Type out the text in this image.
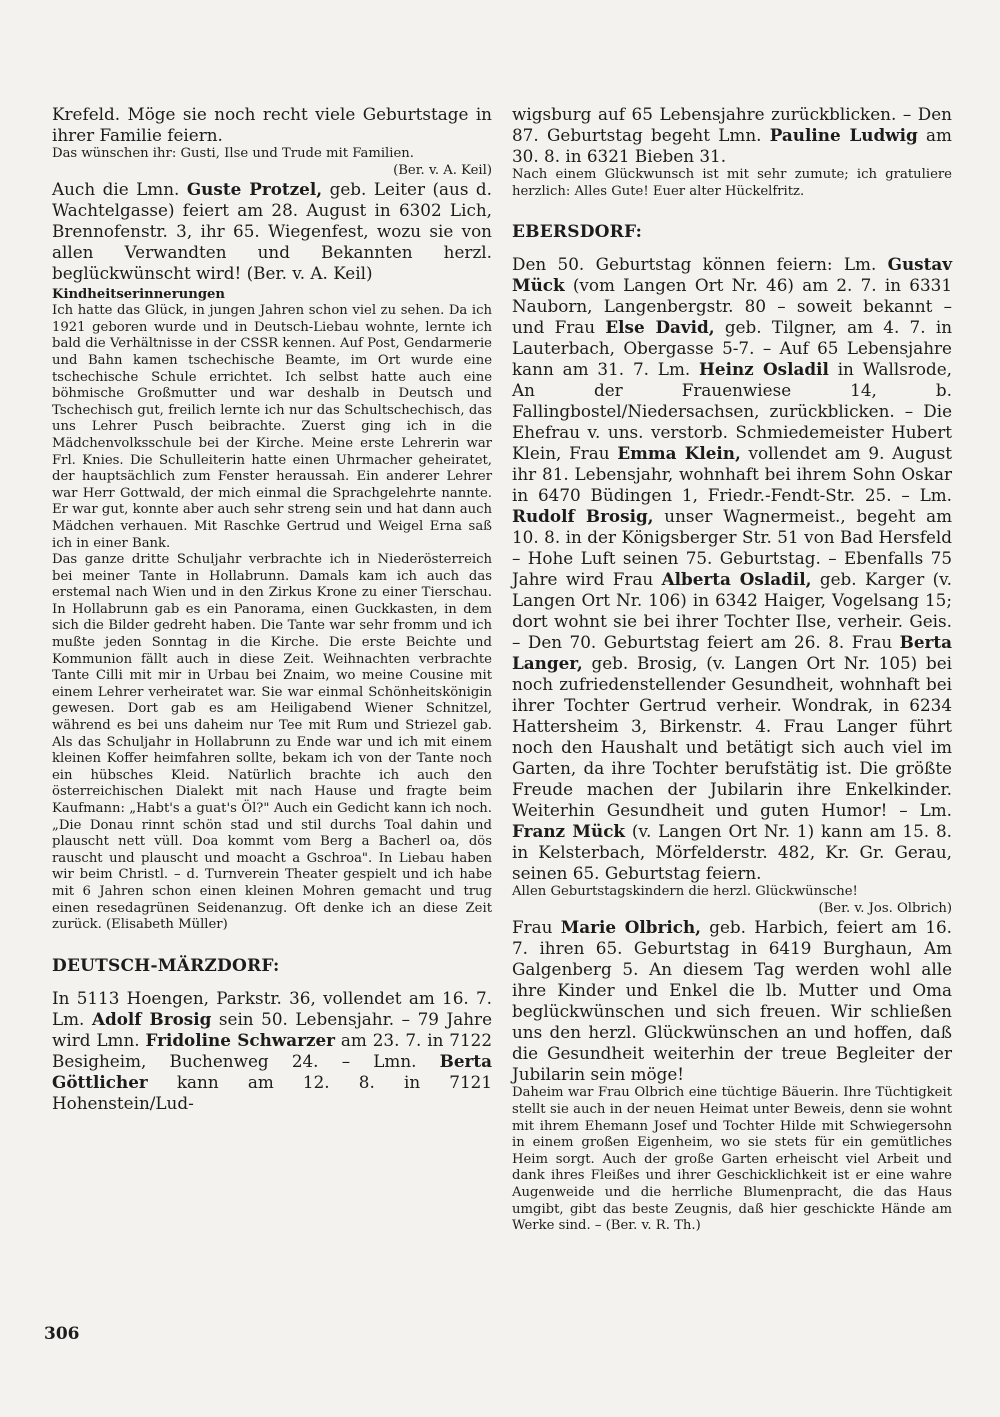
Krefeld. Möge sie noch recht viele Geburtstage in ihrer Familie feiern.

Das wünschen ihr: Gusti, Ilse und Trude mit Familien.

(Ber. v. A. Keil)

Auch die Lmn. Guste Protzel, geb. Leiter (aus d. Wachtelgasse) feiert am 28. August in 6302 Lich, Brennofenstr. 3, ihr 65. Wiegenfest, wozu sie von allen Verwandten und Bekannten herzl. beglückwünscht wird! (Ber. v. A. Keil)

Kindheitserinnerungen

Ich hatte das Glück, in jungen Jahren schon viel zu sehen. Da ich 1921 geboren wurde und in Deutsch-Liebau wohnte, lernte ich bald die Verhältnisse in der CSSR kennen. Auf Post, Gendarmerie und Bahn kamen tschechische Beamte, im Ort wurde eine tschechische Schule errichtet. Ich selbst hatte auch eine böhmische Großmutter und war deshalb in Deutsch und Tschechisch gut, freilich lernte ich nur das Schultschechisch, das uns Lehrer Pusch beibrachte. Zuerst ging ich in die Mädchenvolksschule bei der Kirche. Meine erste Lehrerin war Frl. Knies. Die Schulleiterin hatte einen Uhrmacher geheiratet, der hauptsächlich zum Fenster heraussah. Ein anderer Lehrer war Herr Gottwald, der mich einmal die Sprachgelehrte nannte. Er war gut, konnte aber auch sehr streng sein und hat dann auch Mädchen verhauen. Mit Raschke Gertrud und Weigel Erna saß ich in einer Bank.

Das ganze dritte Schuljahr verbrachte ich in Niederösterreich bei meiner Tante in Hollabrunn. Damals kam ich auch das erstemal nach Wien und in den Zirkus Krone zu einer Tierschau. In Hollabrunn gab es ein Panorama, einen Guckkasten, in dem sich die Bilder gedreht haben. Die Tante war sehr fromm und ich mußte jeden Sonntag in die Kirche. Die erste Beichte und Kommunion fällt auch in diese Zeit. Weihnachten verbrachte Tante Cilli mit mir in Urbau bei Znaim, wo meine Cousine mit einem Lehrer verheiratet war. Sie war einmal Schönheitskönigin gewesen. Dort gab es am Heiligabend Wiener Schnitzel, während es bei uns daheim nur Tee mit Rum und Striezel gab. Als das Schuljahr in Hollabrunn zu Ende war und ich mit einem kleinen Koffer heimfahren sollte, bekam ich von der Tante noch ein hübsches Kleid. Natürlich brachte ich auch den österreichischen Dialekt mit nach Hause und fragte beim Kaufmann: „Habt's a guat's Öl?" Auch ein Gedicht kann ich noch. „Die Donau rinnt schön stad und stil durchs Toal dahin und plauscht nett vüll. Doa kommt vom Berg a Bacherl oa, dös rauscht und plauscht und moacht a Gschroa". In Liebau haben wir beim Christl. – d. Turnverein Theater gespielt und ich habe mit 6 Jahren schon einen kleinen Mohren gemacht und trug einen resedagrünen Seidenanzug. Oft denke ich an diese Zeit zurück. (Elisabeth Müller)

DEUTSCH-MÄRZDORF:

In 5113 Hoengen, Parkstr. 36, vollendet am 16. 7. Lm. Adolf Brosig sein 50. Lebensjahr. – 79 Jahre wird Lmn. Fridoline Schwarzer am 23. 7. in 7122 Besigheim, Buchenweg 24. – Lmn. Berta Göttlicher kann am 12. 8. in 7121 Hohenstein/Lud-

wigsburg auf 65 Lebensjahre zurückblicken. – Den 87. Geburtstag begeht Lmn. Pauline Ludwig am 30. 8. in 6321 Bieben 31.

Nach einem Glückwunsch ist mit sehr zumute; ich gratuliere herzlich: Alles Gute! Euer alter Hückelfritz.

EBERSDORF:

Den 50. Geburtstag können feiern: Lm. Gustav Mück (vom Langen Ort Nr. 46) am 2. 7. in 6331 Nauborn, Langenbergstr. 80 – soweit bekannt – und Frau Else David, geb. Tilgner, am 4. 7. in Lauterbach, Obergasse 5-7. – Auf 65 Lebensjahre kann am 31. 7. Lm. Heinz Osladil in Wallsrode, An der Frauenwiese 14, b. Fallingbostel/Niedersachsen, zurückblicken. – Die Ehefrau v. uns. verstorb. Schmiedemeister Hubert Klein, Frau Emma Klein, vollendet am 9. August ihr 81. Lebensjahr, wohnhaft bei ihrem Sohn Oskar in 6470 Büdingen 1, Friedr.-Fendt-Str. 25. – Lm. Rudolf Brosig, unser Wagnermeist., begeht am 10. 8. in der Königsberger Str. 51 von Bad Hersfeld – Hohe Luft seinen 75. Geburtstag. – Ebenfalls 75 Jahre wird Frau Alberta Osladil, geb. Karger (v. Langen Ort Nr. 106) in 6342 Haiger, Vogelsang 15; dort wohnt sie bei ihrer Tochter Ilse, verheir. Geis. – Den 70. Geburtstag feiert am 26. 8. Frau Berta Langer, geb. Brosig, (v. Langen Ort Nr. 105) bei noch zufriedenstellender Gesundheit, wohnhaft bei ihrer Tochter Gertrud verheir. Wondrak, in 6234 Hattersheim 3, Birkenstr. 4. Frau Langer führt noch den Haushalt und betätigt sich auch viel im Garten, da ihre Tochter berufstätig ist. Die größte Freude machen der Jubilarin ihre Enkelkinder. Weiterhin Gesundheit und guten Humor! – Lm. Franz Mück (v. Langen Ort Nr. 1) kann am 15. 8. in Kelsterbach, Mörfelderstr. 482, Kr. Gr. Gerau, seinen 65. Geburtstag feiern.

Allen Geburtstagskindern die herzl. Glückwünsche!

(Ber. v. Jos. Olbrich)

Frau Marie Olbrich, geb. Harbich, feiert am 16. 7. ihren 65. Geburtstag in 6419 Burghaun, Am Galgenberg 5. An diesem Tag werden wohl alle ihre Kinder und Enkel die lb. Mutter und Oma beglückwünschen und sich freuen. Wir schließen uns den herzl. Glückwünschen an und hoffen, daß die Gesundheit weiterhin der treue Begleiter der Jubilarin sein möge!

Daheim war Frau Olbrich eine tüchtige Bäuerin. Ihre Tüchtigkeit stellt sie auch in der neuen Heimat unter Beweis, denn sie wohnt mit ihrem Ehemann Josef und Tochter Hilde mit Schwiegersohn in einem großen Eigenheim, wo sie stets für ein gemütliches Heim sorgt. Auch der große Garten erheischt viel Arbeit und dank ihres Fleißes und ihrer Geschicklichkeit ist er eine wahre Augenweide und die herrliche Blumenpracht, die das Haus umgibt, gibt das beste Zeugnis, daß hier geschickte Hände am Werke sind. – (Ber. v. R. Th.)

306
